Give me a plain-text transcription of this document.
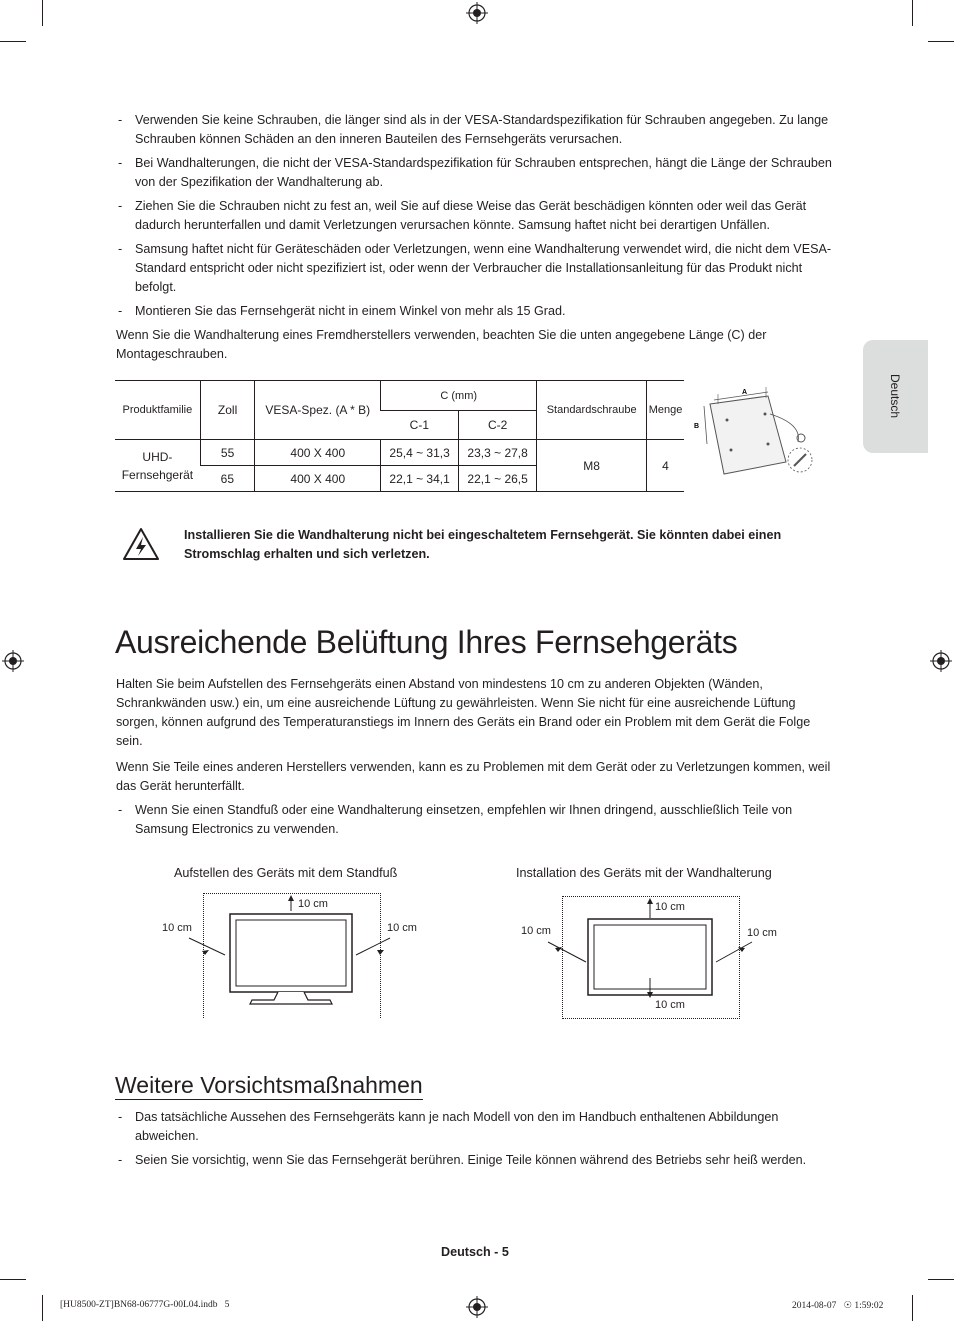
Deutsch
- Verwenden Sie keine Schrauben, die länger sind als in der VESA-Standardspezifikation für Schrauben angegeben. Zu lange Schrauben können Schäden an den inneren Bauteilen des Fernsehgeräts verursachen.
- Bei Wandhalterungen, die nicht der VESA-Standardspezifikation für Schrauben entsprechen, hängt die Länge der Schrauben von der Spezifikation der Wandhalterung ab.
- Ziehen Sie die Schrauben nicht zu fest an, weil Sie auf diese Weise das Gerät beschädigen könnten oder weil das Gerät dadurch herunterfallen und damit Verletzungen verursachen könnte. Samsung haftet nicht bei derartigen Unfällen.
- Samsung haftet nicht für Geräteschäden oder Verletzungen, wenn eine Wandhalterung verwendet wird, die nicht dem VESA-Standard entspricht oder nicht spezifiziert ist, oder wenn der Verbraucher die Installationsanleitung für das Produkt nicht befolgt.
- Montieren Sie das Fernsehgerät nicht in einem Winkel von mehr als 15 Grad.
Wenn Sie die Wandhalterung eines Fremdherstellers verwenden, beachten Sie die unten angegebene Länge (C) der Montageschrauben.
Produktfamilie	Zoll	VESA-Spez. (A * B)	C (mm)		Standardschraube	Menge
			C-1	C-2		
UHD-
Fernsehgerät	55	400 X 400	25,4 ~ 31,3	23,3 ~ 27,8	M8	4
	65	400 X 400	22,1 ~ 34,1	22,1 ~ 26,5		
A
B
Installieren Sie die Wandhalterung nicht bei eingeschaltetem Fernsehgerät. Sie könnten dabei einen Stromschlag erhalten und sich verletzen.
Ausreichende Belüftung Ihres Fernsehgeräts
Halten Sie beim Aufstellen des Fernsehgeräts einen Abstand von mindestens 10 cm zu anderen Objekten (Wänden, Schrankwänden usw.) ein, um eine ausreichende Lüftung zu gewährleisten. Wenn Sie nicht für eine ausreichende Lüftung sorgen, können aufgrund des Temperaturanstiegs im Innern des Geräts ein Brand oder ein Problem mit dem Gerät die Folge sein.
Wenn Sie Teile eines anderen Herstellers verwenden, kann es zu Problemen mit dem Gerät oder zu Verletzungen kommen, weil das Gerät herunterfällt.
- Wenn Sie einen Standfuß oder eine Wandhalterung einsetzen, empfehlen wir Ihnen dringend, ausschließlich Teile von Samsung Electronics zu verwenden.
Aufstellen des Geräts mit dem Standfuß	Installation des Geräts mit der Wandhalterung
10 cm
10 cm	10 cm
10 cm
10 cm	10 cm
10 cm
Weitere Vorsichtsmaßnahmen
- Das tatsächliche Aussehen des Fernsehgeräts kann je nach Modell von den im Handbuch enthaltenen Abbildungen abweichen.
- Seien Sie vorsichtig, wenn Sie das Fernsehgerät berühren. Einige Teile können während des Betriebs sehr heiß werden.
Deutsch - 5
[HU8500-ZT]BN68-06777G-00L04.indb   5	2014-08-07   ☉ 1:59:02
